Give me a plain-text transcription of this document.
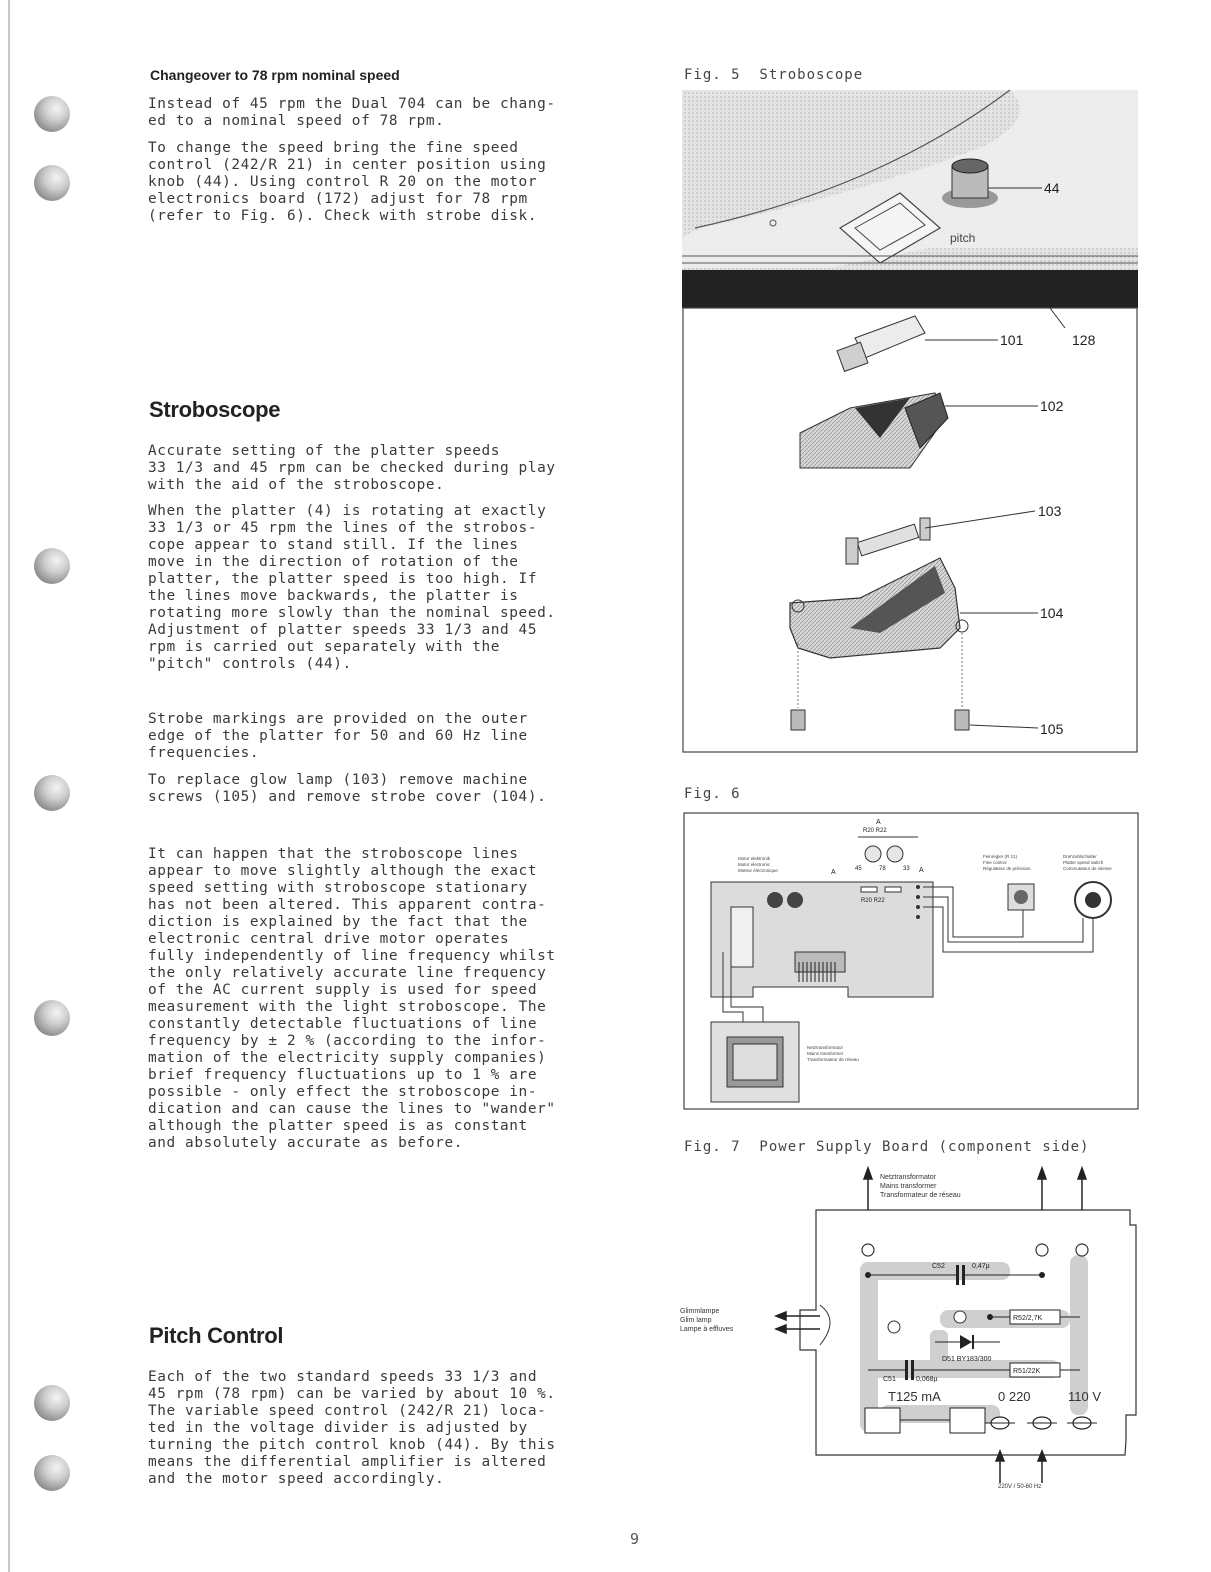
Changeover to 78 rpm nominal speed

Instead of 45 rpm the Dual 704 can be chang-
ed to a nominal speed of 78 rpm.

To change the speed bring the fine speed
control (242/R 21) in center position using
knob (44). Using control R 20 on the motor
electronics board (172) adjust for 78 rpm
(refer to Fig. 6). Check with strobe disk.

Stroboscope

Accurate setting of the platter speeds
33 1/3 and 45 rpm can be checked during play
with the aid of the stroboscope.

When the platter (4) is rotating at exactly
33 1/3 or 45 rpm the lines of the strobos-
cope appear to stand still. If the lines
move in the direction of rotation of the
platter, the platter speed is too high. If
the lines move backwards, the platter is
rotating more slowly than the nominal speed.
Adjustment of platter speeds 33 1/3 and 45
rpm is carried out separately with the
"pitch" controls (44).

Strobe markings are provided on the outer
edge of the platter for 50 and 60 Hz line
frequencies.

To replace glow lamp (103) remove machine
screws (105) and remove strobe cover (104).

It can happen that the stroboscope lines
appear to move slightly although the exact
speed setting with stroboscope stationary
has not been altered. This apparent contra-
diction is explained by the fact that the
electronic central drive motor operates
fully independently of line frequency whilst
the only relatively accurate line frequency
of the AC current supply is used for speed
measurement with the light stroboscope. The
constantly detectable fluctuations of line
frequency by ± 2 % (according to the infor-
mation of the electricity supply companies)
brief frequency fluctuations up to 1 % are
possible - only effect the stroboscope in-
dication and can cause the lines to "wander"
although the platter speed is as constant
and absolutely accurate as before.

Pitch Control

Each of the two standard speeds 33 1/3 and
45 rpm (78 rpm) can be varied by about 10 %.
The variable speed control (242/R 21) loca-
ted in the voltage divider is adjusted by
turning the pitch control knob (44). By this
means the differential amplifier is altered
and the motor speed accordingly.

Fig. 5  Stroboscope
44
pitch
101	128
102
103
104
105
Fig. 6
A
R20 R22
45	78	33
A	A
Motor elektronik
Motor electronic
Moteur électronique
Feinregler (R 21)
Fine control
Régulateur de précision
Drehzahlschalter
Platter speed switch
Commutateur de vitesse
R20 R22
Netztransformator
Mains transformer
Transformateur de réseau
Fig. 7  Power Supply Board (component side)
Netztransformator
Mains transformer
Transformateur de réseau
C52	0,47µ
Glimmlampe
Glim lamp
Lampe à effluves
R52/2,7K
D51 BY183/300
C51	0,068µ
R51/22K
T125 mA	0 220	110 V
220V / 50-60 Hz
9
